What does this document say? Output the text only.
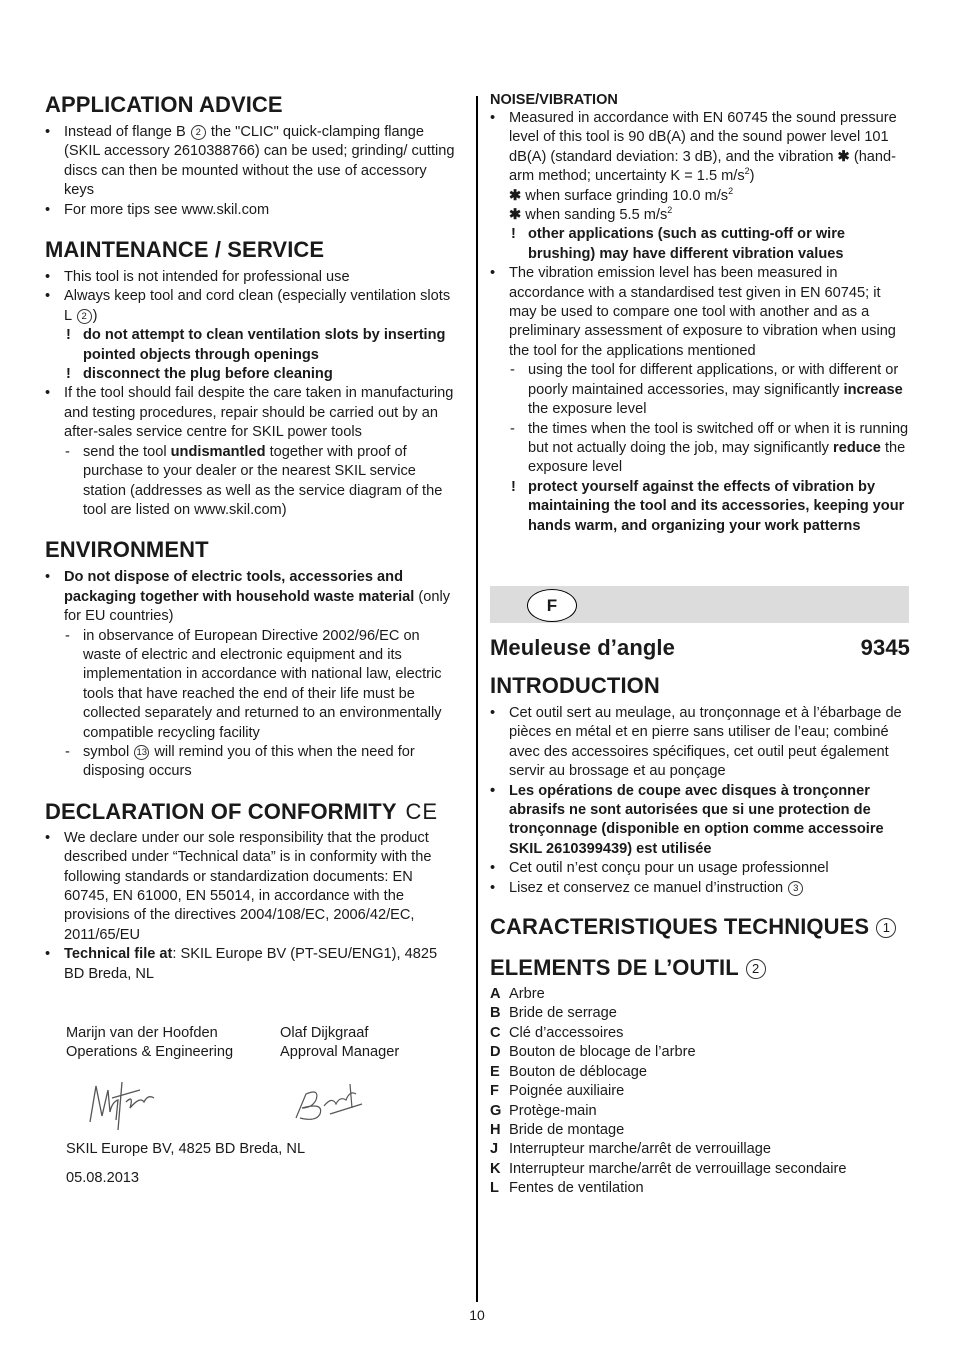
APPLICATION ADVICE
• Instead of flange B 2 the "CLIC" quick-clamping flange (SKIL accessory 2610388766) can be used; grinding/ cutting discs can then be mounted without the use of accessory keys
• For more tips see www.skil.com
MAINTENANCE / SERVICE
• This tool is not intended for professional use
• Always keep tool and cord clean (especially ventilation slots L 2 )
! do not attempt to clean ventilation slots by inserting pointed objects through openings
! disconnect the plug before cleaning
• If the tool should fail despite the care taken in manufacturing and testing procedures, repair should be carried out by an after-sales service centre for SKIL power tools
- send the tool undismantled together with proof of purchase to your dealer or the nearest SKIL service station (addresses as well as the service diagram of the tool are listed on www.skil.com)
ENVIRONMENT
• Do not dispose of electric tools, accessories and packaging together with household waste material (only for EU countries)
- in observance of European Directive 2002/96/EC on waste of electric and electronic equipment and its implementation in accordance with national law, electric tools that have reached the end of their life must be collected separately and returned to an environmentally compatible recycling facility
- symbol 13 will remind you of this when the need for disposing occurs
DECLARATION OF CONFORMITY CE
• We declare under our sole responsibility that the product described under “Technical data” is in conformity with the following standards or standardization documents: EN 60745, EN 61000, EN 55014, in accordance with the provisions of the directives 2004/108/EC, 2006/42/EC, 2011/65/EU
• Technical file at: SKIL Europe BV (PT-SEU/ENG1), 4825 BD Breda, NL
Marijn van der Hoofden
Operations & Engineering
Olaf Dijkgraaf
Approval Manager
SKIL Europe BV, 4825 BD Breda, NL
05.08.2013
NOISE/VIBRATION
• Measured in accordance with EN 60745 the sound pressure level of this tool is 90 dB(A) and the sound power level 101 dB(A) (standard deviation: 3 dB), and the vibration ✱ (hand-arm method; uncertainty K = 1.5 $m/s^2$)
✱ when surface grinding 10.0 $m/s^2$
✱ when sanding 5.5 $m/s^2$
! other applications (such as cutting-off or wire brushing) may have different vibration values
• The vibration emission level has been measured in accordance with a standardised test given in EN 60745; it may be used to compare one tool with another and as a preliminary assessment of exposure to vibration when using the tool for the applications mentioned
- using the tool for different applications, or with different or poorly maintained accessories, may significantly increase the exposure level
- the times when the tool is switched off or when it is running but not actually doing the job, may significantly reduce the exposure level
! protect yourself against the effects of vibration by maintaining the tool and its accessories, keeping your hands warm, and organizing your work patterns
F
Meuleuse d’angle	9345
INTRODUCTION
• Cet outil sert au meulage, au tronçonnage et à l’ébarbage de pièces en métal et en pierre sans utiliser de l’eau; combiné avec des accessoires spécifiques, cet outil peut également servir au brossage et au ponçage
• Les opérations de coupe avec disques à tronçonner abrasifs ne sont autorisées que si une protection de tronçonnage (disponible en option comme accessoire SKIL 2610399439) est utilisée
• Cet outil n’est conçu pour un usage professionnel
• Lisez et conservez ce manuel d’instruction 3
CARACTERISTIQUES TECHNIQUES 1
ELEMENTS DE L’OUTIL 2
A Arbre
B Bride de serrage
C Clé d’accessoires
D Bouton de blocage de l’arbre
E Bouton de déblocage
F Poignée auxiliaire
G Protège-main
H Bride de montage
J Interrupteur marche/arrêt de verrouillage
K Interrupteur marche/arrêt de verrouillage secondaire
L Fentes de ventilation
10
